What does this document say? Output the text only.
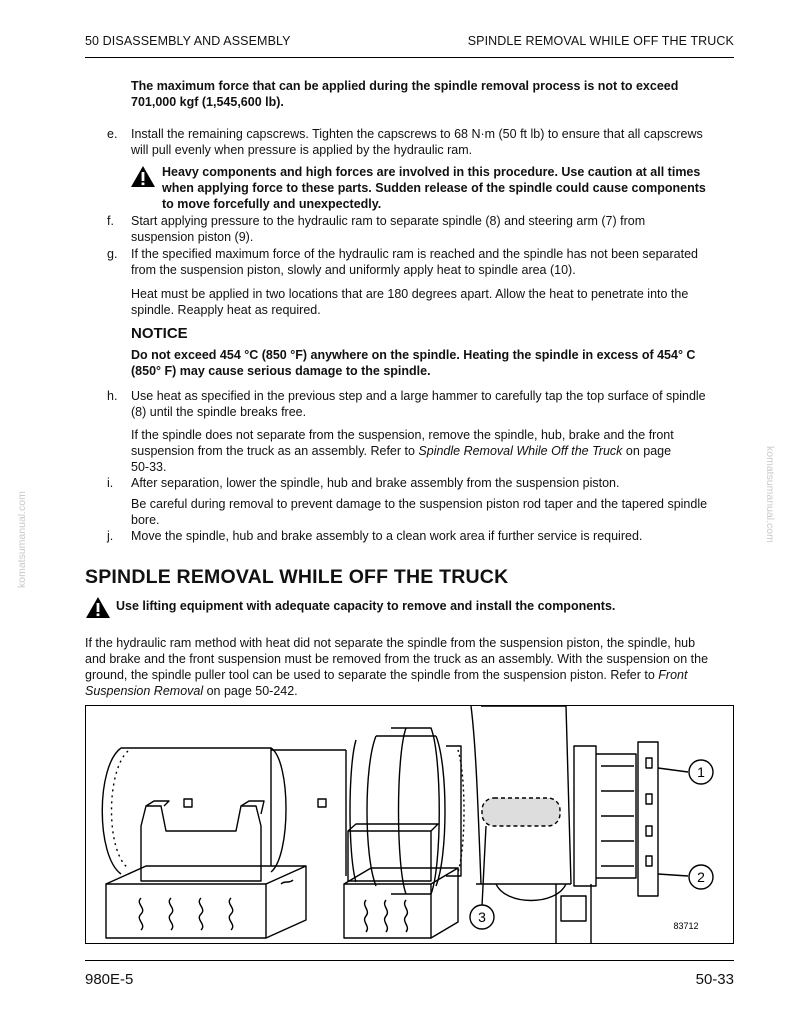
50 DISASSEMBLY AND ASSEMBLY	SPINDLE REMOVAL WHILE OFF THE TRUCK
komatsumanual.com	komatsumanual.com
The maximum force that can be applied during the spindle removal process is not to exceed
701,000 kgf (1,545,600 lb).
e. Install the remaining capscrews. Tighten the capscrews to 68 N·m (50 ft lb) to ensure that all capscrews
will pull evenly when pressure is applied by the hydraulic ram.
Heavy components and high forces are involved in this procedure. Use caution at all times
when applying force to these parts. Sudden release of the spindle could cause components
to move forcefully and unexpectedly.
f. Start applying pressure to the hydraulic ram to separate spindle (8) and steering arm (7) from
suspension piston (9).
g. If the specified maximum force of the hydraulic ram is reached and the spindle has not been separated
from the suspension piston, slowly and uniformly apply heat to spindle area (10).
Heat must be applied in two locations that are 180 degrees apart. Allow the heat to penetrate into the
spindle. Reapply heat as required.
NOTICE
Do not exceed 454 °C (850 °F) anywhere on the spindle. Heating the spindle in excess of 454° C
(850° F) may cause serious damage to the spindle.
h. Use heat as specified in the previous step and a large hammer to carefully tap the top surface of spindle
(8) until the spindle breaks free.
If the spindle does not separate from the suspension, remove the spindle, hub, brake and the front
suspension from the truck as an assembly. Refer to Spindle Removal While Off the Truck on page
50-33.
i. After separation, lower the spindle, hub and brake assembly from the suspension piston.
Be careful during removal to prevent damage to the suspension piston rod taper and the tapered spindle
bore.
j. Move the spindle, hub and brake assembly to a clean work area if further service is required.
SPINDLE REMOVAL WHILE OFF THE TRUCK
Use lifting equipment with adequate capacity to remove and install the components.
If the hydraulic ram method with heat did not separate the spindle from the suspension piston, the spindle, hub
and brake and the front suspension must be removed from the truck as an assembly. With the suspension on the
ground, the spindle puller tool can be used to separate the spindle from the suspension piston. Refer to Front
Suspension Removal on page 50-242.
1
2
3
83712
980E-5	50-33
